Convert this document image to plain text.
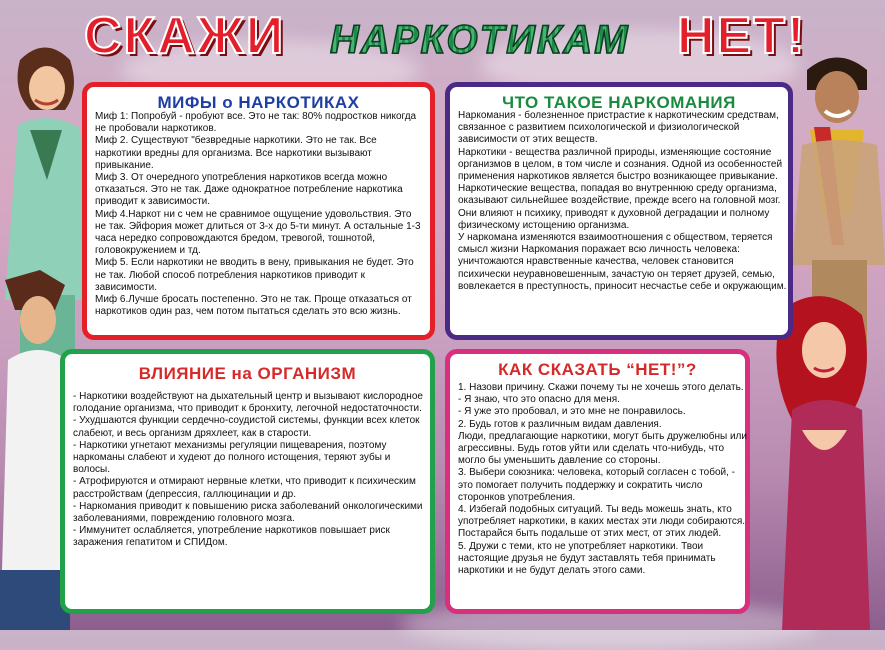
СКАЖИ НАРКОТИКАМ НЕТ!
МИФЫ о НАРКОТИКАХ

Миф 1: Попробуй - пробуют все. Это не так: 80% подростков никогда не пробовали наркотиков.

Миф 2. Существуют "безвредные наркотики. Это не так. Все наркотики вредны для организма. Все наркотики вызывают привыкание.

Миф 3. От очередного употребления наркотиков всегда можно отказаться. Это не так. Даже однократное потребление наркотика приводит к зависимости.

Миф 4.Наркот ни с чем не сравнимое ощущение удовольствия. Это не так. Эйфория может длиться от 3-х до 5-ти минут. А остальные 1-3 часа нередко сопровождаются бредом, тревогой, тошнотой, головокружением и тд.

Миф 5. Если наркотики не вводить в вену, привыкания не будет. Это не так. Любой способ потребления наркотиков приводит к зависимости.

Миф 6.Лучше бросать постепенно. Это не так. Проще отказаться от наркотиков один раз, чем потом пытаться сделать это всю жизнь.

ЧТО ТАКОЕ НАРКОМАНИЯ

Наркомания - болезненное пристрастие к наркотическим средствам, связанное с развитием психологической и физиологической зависимости от этих веществ.

Наркотики - вещества различной природы, изменяющие состояние организмов в целом, в том числе и сознания. Одной из особенностей применения наркотиков является быстро возникающее привыкание.

Наркотические вещества, попадая во внутреннюю среду организма, оказывают сильнейшее воздействие, прежде всего на головной мозг. Они влияют н психику, приводят к духовной деградации и полному физическому истощению организма.

У наркомана изменяются взаимоотношения с обществом, теряется смысл жизни Наркомания поражает всю личность человека: уничтожаются нравственные качества, человек становится психически неуравновешенным, зачастую он теряет друзей, семью, вовлекается в преступность, приносит несчастье себе и окружающим.

ВЛИЯНИЕ на ОРГАНИЗМ

- Наркотики воздействуют на дыхательный центр и вызывают кислородное голодание организма, что приводит к бронхиту, легочной недостаточности.

- Ухудшаются функции сердечно-соудистой системы, функции всех клеток слабеют, и весь организм дряхлеет, как в старости.

- Наркотики угнетают механизмы регуляции пищеварения, поэтому наркоманы слабеют и худеют до полного истощения, теряют зубы и волосы.

- Атрофируются и отмирают нервные клетки, что приводит к психическим расстройствам (депрессия, галлюцинации и др.

- Наркомания приводит к повышению риска заболеваний онкологическими заболеваниями, повреждению головного мозга.

- Иммунитет ослабляется, употребление наркотиков повышает риск заражения гепатитом и СПИДом.

КАК СКАЗАТЬ “НЕТ!”?

1. Назови причину. Скажи почему ты не хочешь этого делать.

- Я знаю, что это опасно для меня.

- Я уже это пробовал, и это мне не понравилось.

2. Будь готов к различным видам давления.

Люди, предлагающие наркотики, могут быть дружелюбны или агрессивны. Будь готов уйти или сделать что-нибудь, что могло бы уменьшить давление со стороны.

3. Выбери союзника: человека, который согласен с тобой, - это помогает получить поддержку и сократить число сторонков употребления.

4. Избегай подобных ситуаций. Ты ведь можешь знать, кто употребляет наркотики, в каких местах эти люди собираются. Постарайся быть подальше от этих мест, от этих людей.

5. Дружи с теми, кто не употребляет наркотики. Твои настоящие друзья не будут заставлять тебя принимать наркотики и не будут делать этого сами.
